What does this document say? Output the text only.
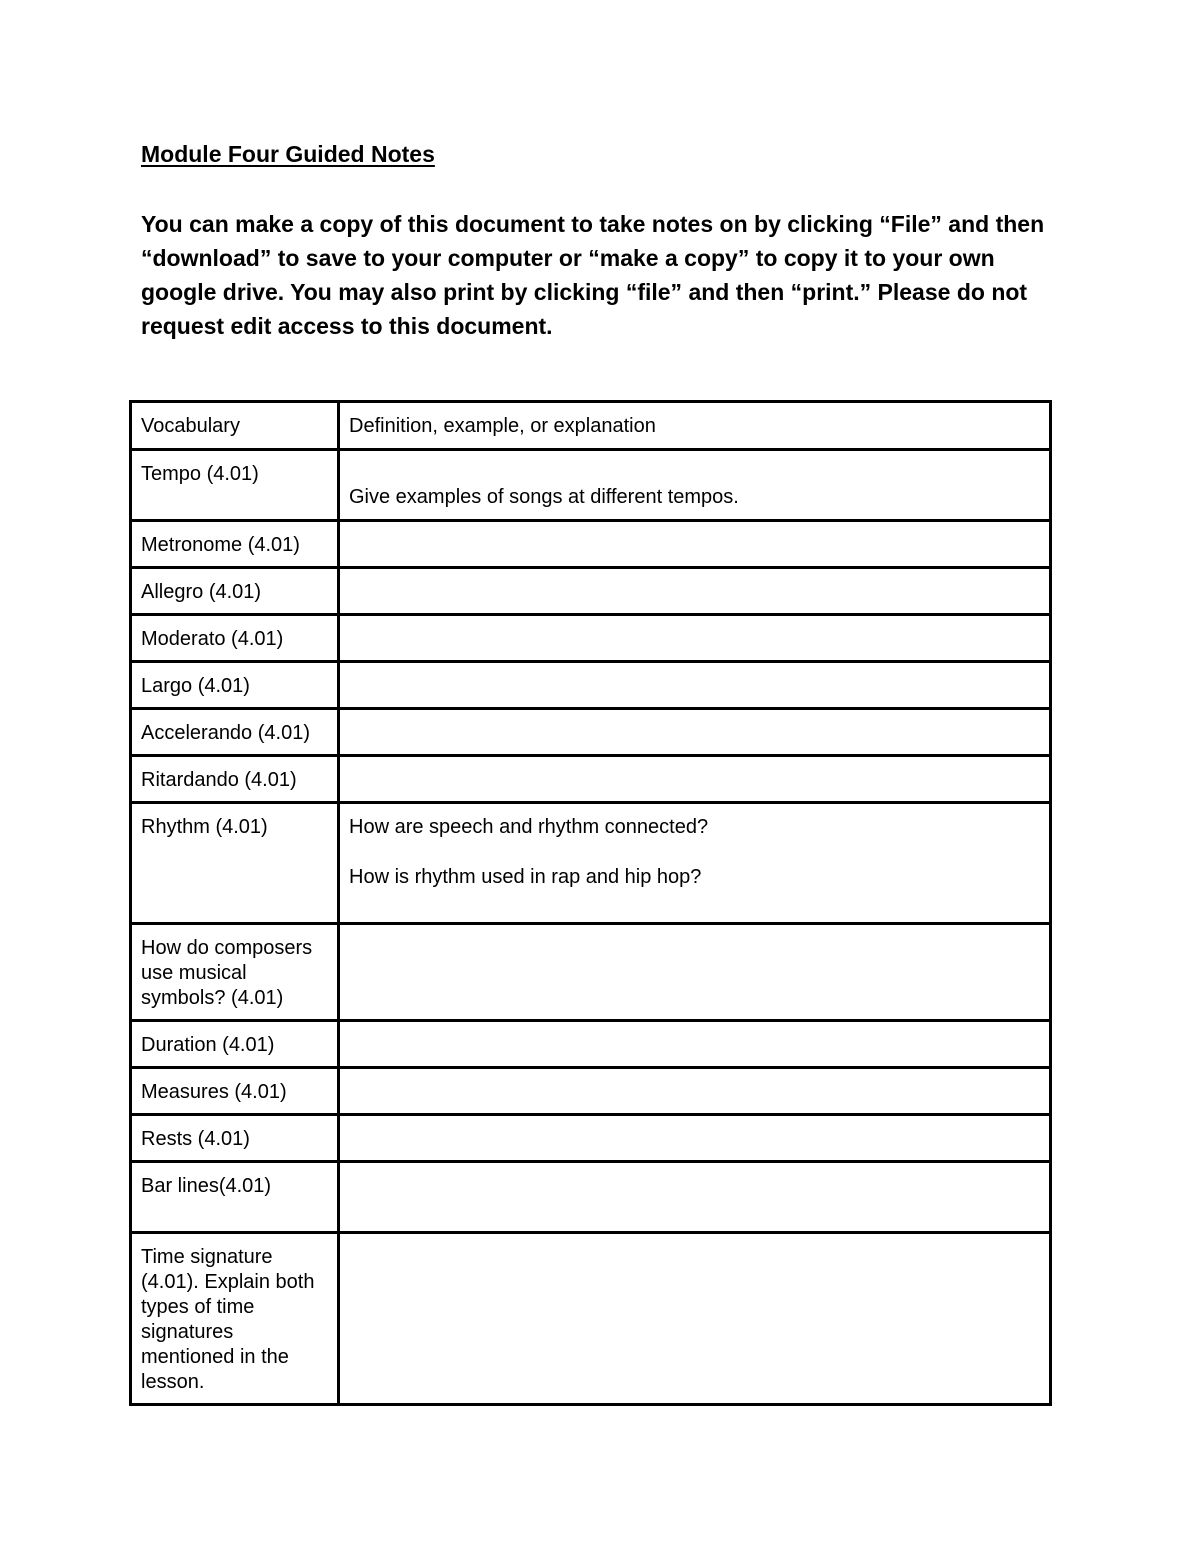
Module Four Guided Notes

You can make a copy of this document to take notes on by clicking “File” and then “download” to save to your computer or “make a copy” to copy it to your own google drive. You may also print by clicking “file” and then “print.” Please do not request edit access to this document.

Vocabulary	Definition, example, or explanation
Tempo (4.01)	Give examples of songs at different tempos.

Metronome (4.01)	
Allegro (4.01)	
Moderato (4.01)	
Largo (4.01)	
Accelerando (4.01)	
Ritardando (4.01)	
Rhythm (4.01)	How are speech and rhythm connected?

How is rhythm used in rap and hip hop?

How do composers use musical symbols? (4.01)	
Duration (4.01)	
Measures (4.01)	
Rests (4.01)	
Bar lines(4.01)	
Time signature (4.01). Explain both types of time signatures mentioned in the lesson.	
